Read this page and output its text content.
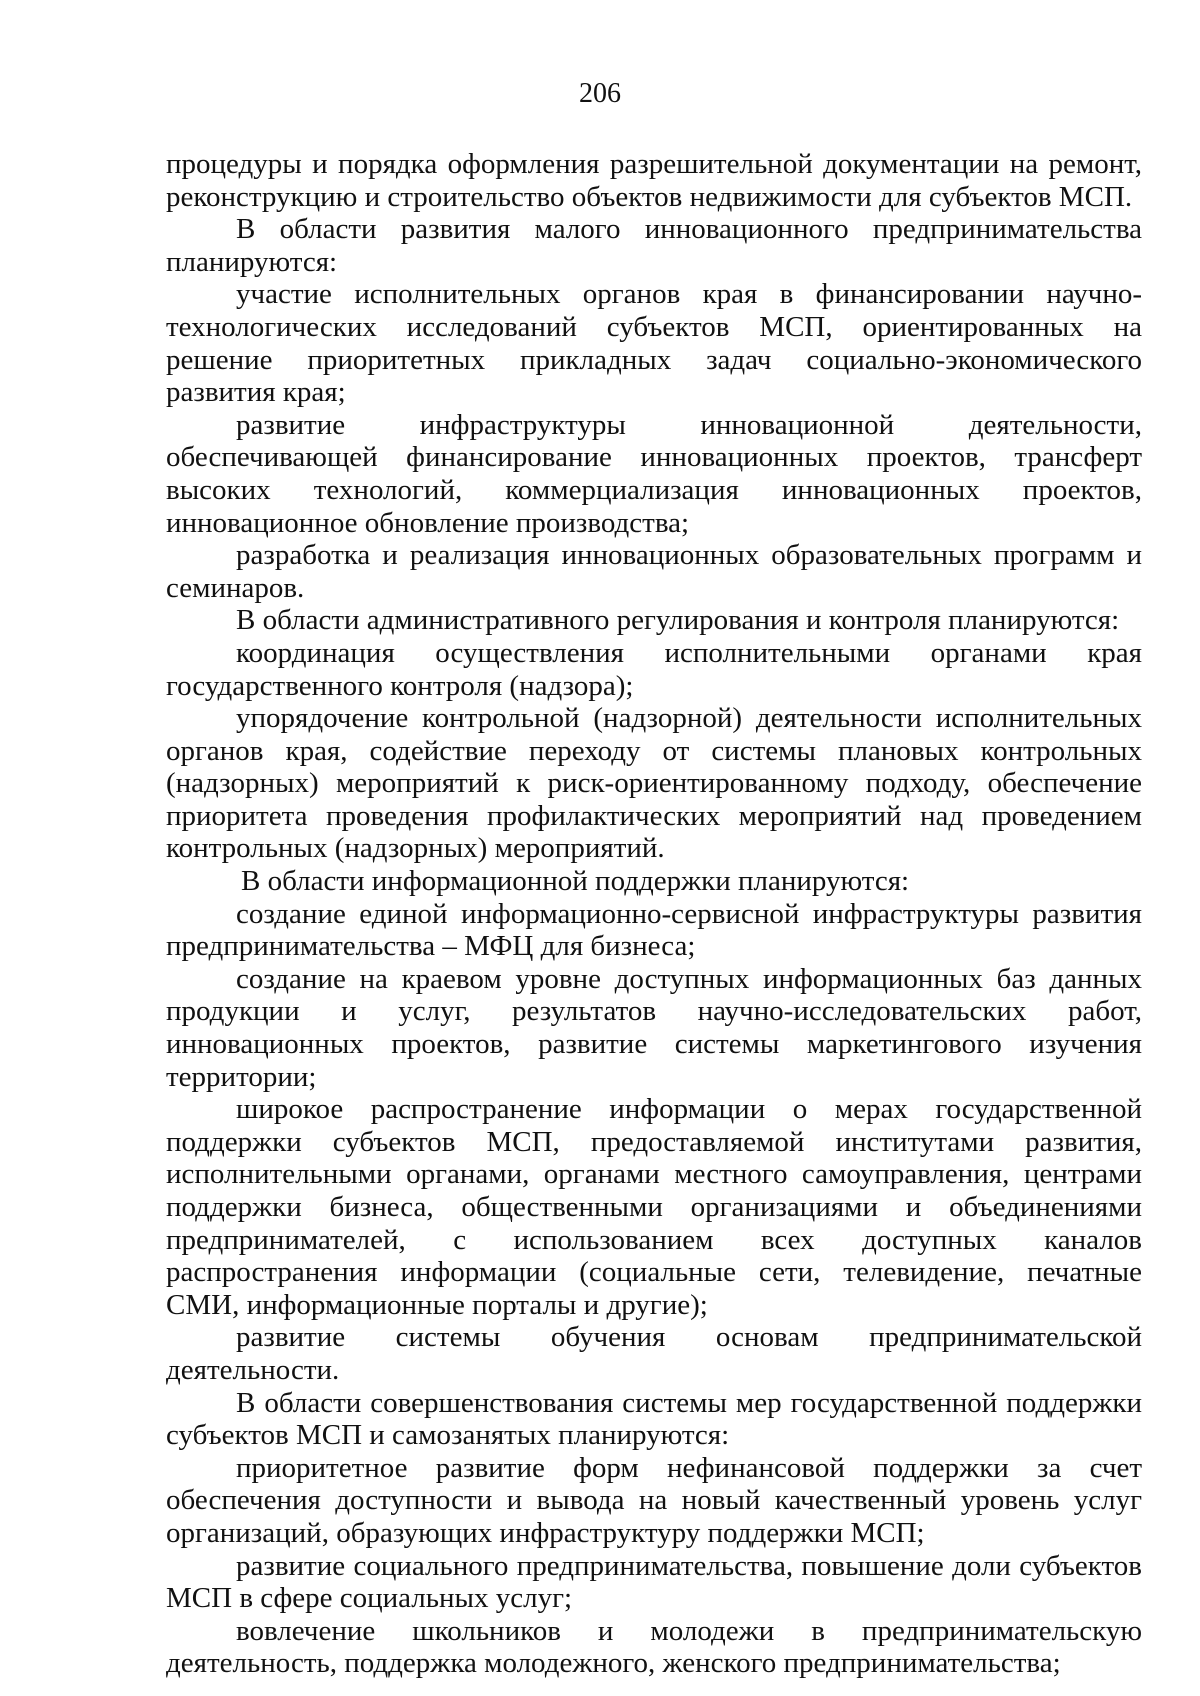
206

процедуры и порядка оформления разрешительной документации на ремонт, реконструкцию и строительство объектов недвижимости для субъектов МСП.

В области развития малого инновационного предпринимательства планируются:

участие исполнительных органов края в финансировании научно-технологических исследований субъектов МСП, ориентированных на решение приоритетных прикладных задач социально-экономического развития края;

развитие инфраструктуры инновационной деятельности, обеспечивающей финансирование инновационных проектов, трансферт высоких технологий, коммерциализация инновационных проектов, инновационное обновление производства;

разработка и реализация инновационных образовательных программ и семинаров.

В области административного регулирования и контроля планируются:

координация осуществления исполнительными органами края государственного контроля (надзора);

упорядочение контрольной (надзорной) деятельности исполнительных органов края, содействие переходу от системы плановых контрольных (надзорных) мероприятий к риск-ориентированному подходу, обеспечение приоритета проведения профилактических мероприятий над проведением контрольных (надзорных) мероприятий.

В области информационной поддержки планируются:

создание единой информационно-сервисной инфраструктуры развития предпринимательства – МФЦ для бизнеса;

создание на краевом уровне доступных информационных баз данных продукции и услуг, результатов научно-исследовательских работ, инновационных проектов, развитие системы маркетингового изучения территории;

широкое распространение информации о мерах государственной поддержки субъектов МСП, предоставляемой институтами развития, исполнительными органами, органами местного самоуправления, центрами поддержки бизнеса, общественными организациями и объединениями предпринимателей, с использованием всех доступных каналов распространения информации (социальные сети, телевидение, печатные СМИ, информационные порталы и другие);

развитие системы обучения основам предпринимательской деятельности.

В области совершенствования системы мер государственной поддержки субъектов МСП и самозанятых планируются:

приоритетное развитие форм нефинансовой поддержки за счет обеспечения доступности и вывода на новый качественный уровень услуг организаций, образующих инфраструктуру поддержки МСП;

развитие социального предпринимательства, повышение доли субъектов МСП в сфере социальных услуг;

вовлечение школьников и молодежи в предпринимательскую деятельность, поддержка молодежного, женского предпринимательства;
